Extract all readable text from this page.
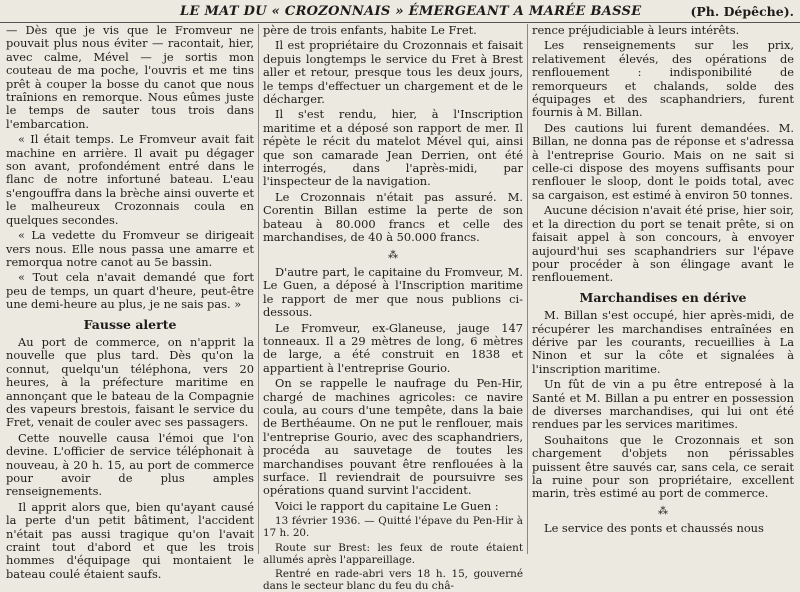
LE MAT DU « CROZONNAIS » ÉMERGEANT A MARÉE BASSE	(Ph. Dépêche).

— Dès que je vis que le Fromveur ne pouvait plus nous éviter — racontait, hier, avec calme, Mével — je sortis mon couteau de ma poche, l'ouvris et me tins prêt à couper la bosse du canot que nous traînions en remorque. Nous eûmes juste le temps de sauter tous trois dans l'embarcation.

« Il était temps. Le Fromveur avait fait machine en arrière. Il avait pu dégager son avant, profondément entré dans le flanc de notre infortuné bateau. L'eau s'engouffra dans la brèche ainsi ouverte et le malheureux Crozonnais coula en quelques secondes.

« La vedette du Fromveur se dirigeait vers nous. Elle nous passa une amarre et remorqua notre canot au 5e bassin.

« Tout cela n'avait demandé que fort peu de temps, un quart d'heure, peut-être une demi-heure au plus, je ne sais pas. »

Fausse alerte

Au port de commerce, on n'apprit la nouvelle que plus tard. Dès qu'on la connut, quelqu'un téléphona, vers 20 heures, à la préfecture maritime en annonçant que le bateau de la Compagnie des vapeurs brestois, faisant le service du Fret, venait de couler avec ses passagers.

Cette nouvelle causa l'émoi que l'on devine. L'officier de service téléphonait à nouveau, à 20 h. 15, au port de commerce pour avoir de plus amples renseignements.

Il apprit alors que, bien qu'ayant causé la perte d'un petit bâtiment, l'accident n'était pas aussi tragique qu'on l'avait craint tout d'abord et que les trois hommes d'équipage qui montaient le bateau coulé étaient saufs.

père de trois enfants, habite Le Fret.

Il est propriétaire du Crozonnais et faisait depuis longtemps le service du Fret à Brest aller et retour, presque tous les deux jours, le temps d'effectuer un chargement et de le décharger.

Il s'est rendu, hier, à l'Inscription maritime et a déposé son rapport de mer. Il répète le récit du matelot Mével qui, ainsi que son camarade Jean Derrien, ont été interrogés, dans l'après-midi, par l'inspecteur de la navigation.

Le Crozonnais n'était pas assuré. M. Corentin Billan estime la perte de son bateau à 80.000 francs et celle des marchandises, de 40 à 50.000 francs.

⁂

D'autre part, le capitaine du Fromveur, M. Le Guen, a déposé à l'Inscription maritime le rapport de mer que nous publions ci-dessous.

Le Fromveur, ex-Glaneuse, jauge 147 tonneaux. Il a 29 mètres de long, 6 mètres de large, a été construit en 1838 et appartient à l'entreprise Gourio.

On se rappelle le naufrage du Pen-Hir, chargé de machines agricoles: ce navire coula, au cours d'une tempête, dans la baie de Berthéaume. On ne put le renflouer, mais l'entreprise Gourio, avec des scaphandriers, procéda au sauvetage de toutes les marchandises pouvant être renflouées à la surface. Il reviendrait de poursuivre ses opérations quand survint l'accident.

Voici le rapport du capitaine Le Guen :

13 février 1936. — Quitté l'épave du Pen-Hir à 17 h. 20.

Route sur Brest: les feux de route étaient allumés après l'appareillage.

Rentré en rade-abri vers 18 h. 15, gouverné dans le secteur blanc du feu du châ-

rence préjudiciable à leurs intérêts.

Les renseignements sur les prix, relativement élevés, des opérations de renflouement : indisponibilité de remorqueurs et chalands, solde des équipages et des scaphandriers, furent fournis à M. Billan.

Des cautions lui furent demandées. M. Billan, ne donna pas de réponse et s'adressa à l'entreprise Gourio. Mais on ne sait si celle-ci dispose des moyens suffisants pour renflouer le sloop, dont le poids total, avec sa cargaison, est estimé à environ 50 tonnes.

Aucune décision n'avait été prise, hier soir, et la direction du port se tenait prête, si on faisait appel à son concours, à envoyer aujourd'hui ses scaphandriers sur l'épave pour procéder à son élingage avant le renflouement.

Marchandises en dérive

M. Billan s'est occupé, hier après-midi, de récupérer les marchandises entraînées en dérive par les courants, recueillies à La Ninon et sur la côte et signalées à l'inscription maritime.

Un fût de vin a pu être entreposé à la Santé et M. Billan a pu entrer en possession de diverses marchandises, qui lui ont été rendues par les services maritimes.

Souhaitons que le Crozonnais et son chargement d'objets non périssables puissent être sauvés car, sans cela, ce serait la ruine pour son propriétaire, excellent marin, très estimé au port de commerce.

⁂

Le service des ponts et chaussés nous
